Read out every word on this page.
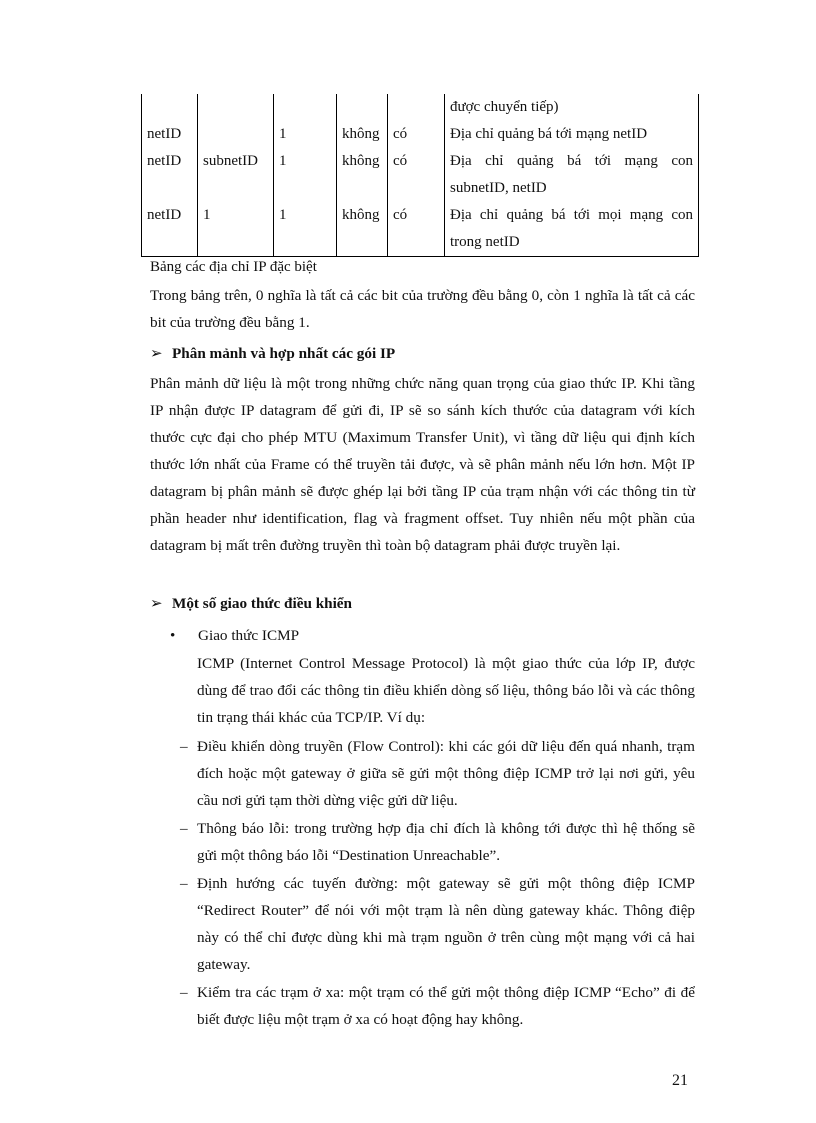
					được chuyển tiếp)
netID		1	không	có	Địa chỉ quảng bá tới mạng netID
netID	subnetID	1	không	có	Địa chỉ quảng bá tới mạng con
subnetID, netID

netID	1	1	không	có	Địa chỉ quảng bá tới mọi mạng con
trong netID
Bảng các địa chỉ IP đặc biệt
Trong bảng trên, 0 nghĩa là tất cả các bit của trường đều bằng 0, còn 1 nghĩa là tất cả các bit của trường đều bằng 1.
➢ Phân mảnh và hợp nhất các gói IP
Phân mảnh dữ liệu là một trong những chức năng quan trọng của giao thức IP. Khi tầng IP nhận được IP datagram để gửi đi, IP sẽ so sánh kích thước của datagram với kích thước cực đại cho phép MTU (Maximum Transfer Unit), vì tầng dữ liệu qui định kích thước lớn nhất của Frame có thể truyền tải được, và sẽ phân mảnh nếu lớn hơn. Một IP datagram bị phân mảnh sẽ được ghép lại bởi tầng IP của trạm nhận với các thông tin từ phần header như identification, flag và fragment offset. Tuy nhiên nếu một phần của datagram bị mất trên đường truyền thì toàn bộ datagram phải được truyền lại.
➢ Một số giao thức điều khiển
• Giao thức ICMP
ICMP (Internet Control Message Protocol) là một giao thức của lớp IP, được dùng để trao đổi các thông tin điều khiển dòng số liệu, thông báo lỗi và các thông tin trạng thái khác của TCP/IP. Ví dụ:
– Điều khiển dòng truyền (Flow Control): khi các gói dữ liệu đến quá nhanh, trạm đích hoặc một gateway ở giữa sẽ gửi một thông điệp ICMP trở lại nơi gửi, yêu cầu nơi gửi tạm thời dừng việc gửi dữ liệu.
– Thông báo lỗi: trong trường hợp địa chỉ đích là không tới được thì hệ thống sẽ gửi một thông báo lỗi “Destination Unreachable”.
– Định hướng các tuyến đường: một gateway sẽ gửi một thông điệp ICMP “Redirect Router” để nói với một trạm là nên dùng gateway khác. Thông điệp này có thể chỉ được dùng khi mà trạm nguồn ở trên cùng một mạng với cả hai gateway.
– Kiểm tra các trạm ở xa: một trạm có thể gửi một thông điệp ICMP “Echo” đi để biết được liệu một trạm ở xa có hoạt động hay không.
21
